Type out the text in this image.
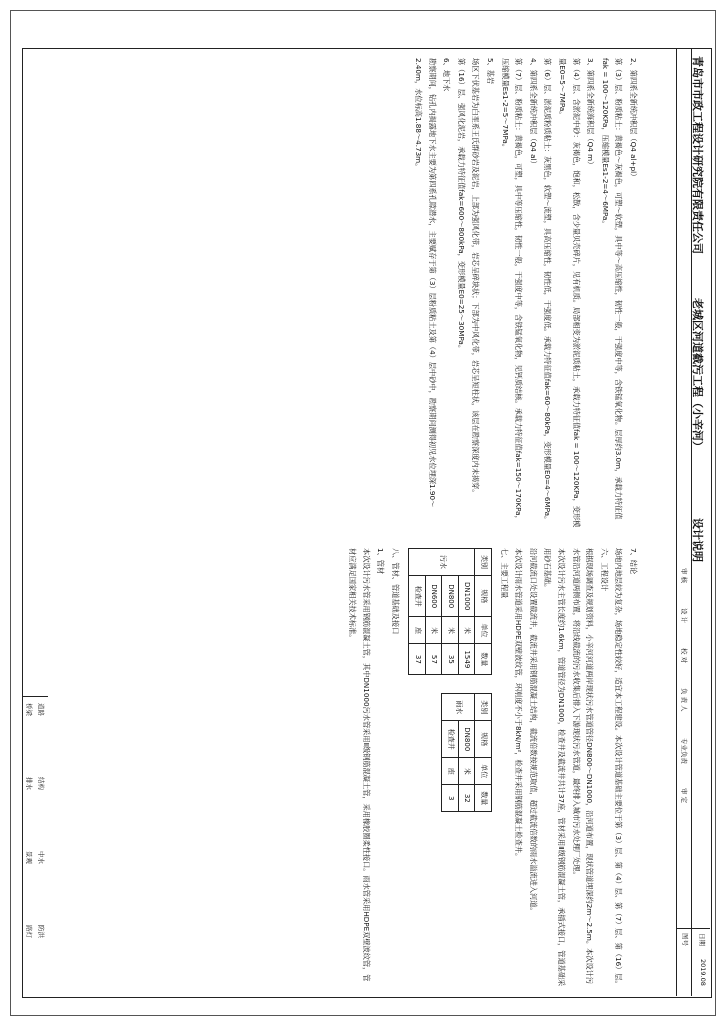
青岛市市政工程设计研究院有限责任公司
老城区河道截污工程（小辛河）
设计说明
审 核
设 计
校 对
负 责 人
专业负责
审 定
日期
2019.08
图号

2、第四系全新统冲积层（Q4 al+pl）

第（3）层、粉质粘土：黄褐色～灰褐色，可塑～软塑，具中等～高压缩性，韧性一般，干强度中等，含铁锰氧化物。层厚约3.0m，承载力特征值fak = 100～120KPa，压缩模量Es1-2=4～6MPa。

3、第四系全新统海积层（Q4 m）

第（4）层、含淤泥中砂：灰褐色，饱和，松散，含少量贝壳碎片，见有机质。局部相变为淤泥质粘土，承载力特征值fak = 100～120KPa，变形模量E0=5～7MPa。

第（6）层、淤泥质粉质粘土：灰黑色，软塑～流塑，具高压缩性，韧性低，干强度低。承载力特征值fak=60～80kPa，变形模量E0=4～6MPa。

4、第四系全新统冲积层（Q4 al）

第（7）层、粉质粘土：黄褐色，可塑，具中等压缩性，韧性一般，干强度中等，含铁锰氧化物，见钙质结核。承载力特征值fak=150～170KPa，压缩模量Es1-2=5～7MPa。

5、基岩

场区下伏基岩为白垩系王氏群砂岩及泥岩，上部为强风化带，岩芯呈碎块状；下部为中风化带，岩芯呈短柱状，该层在勘察深度内未揭穿。

第（16）层、强风化泥岩，承载力特征值fak=600～800kPa，变形模量E0=25～30MPa。

6、地下水

勘察期间，钻孔内揭露地下水主要为第四系孔隙潜水，主要赋存于第（3）层粉质粘土及第（4）层中砂中，勘察期间测得初见水位埋深1.90～2.40m，水位标高1.88～4.73m。

7、结论

场地内地层较为复杂，场地稳定性较好，适宜本工程建设。本次设计管道基础主要位于第（3）层、第（4）层、第（7）层、第（16）层。

六、工程设计

根据现场调查及规划资料，小辛河河道两岸现状污水管道管径DN800～DN1000，沿河道布置，现状管道埋深约2m～2.5m。本次设计污水管沿河道两侧布置，将沿线截流的污水收集后排入下游现状污水管道，最终排入城市污水处理厂处理。

本次设计污水主管长度约1.6km，管道管径为DN1000，检查井及截流井共计37座，管材采用Ⅱ级钢筋混凝土管，承插式接口，管道基础采用砂石基础。

沿河截流口处设置截流井，截流井采用钢筋混凝土结构，截流倍数按规范取值，超过截流倍数的雨水溢流进入河道。

本次设计雨水管道采用HDPE双壁波纹管，环刚度不小于8kN/m²，检查井采用钢筋混凝土检查井。

七、主要工程量

类别	规格	单位	数量
污水	DN1000	米	1549
	DN800	米	35
	DN600	米	57
	检查井	座	37
类别	规格	单位	数量
雨水	DN800	米	32
	检查井	座	3

八、管材、管道基础及接口

1、管材

本次设计污水管采用钢筋混凝土管，其中DN1000污水管采用Ⅱ级钢筋混凝土管，采用橡胶圈柔性接口。雨水管采用HDPE双壁波纹管，管材应满足国家相关技术标准。

道路
结构
中水
防洪
桥梁
排水
景观
路灯
